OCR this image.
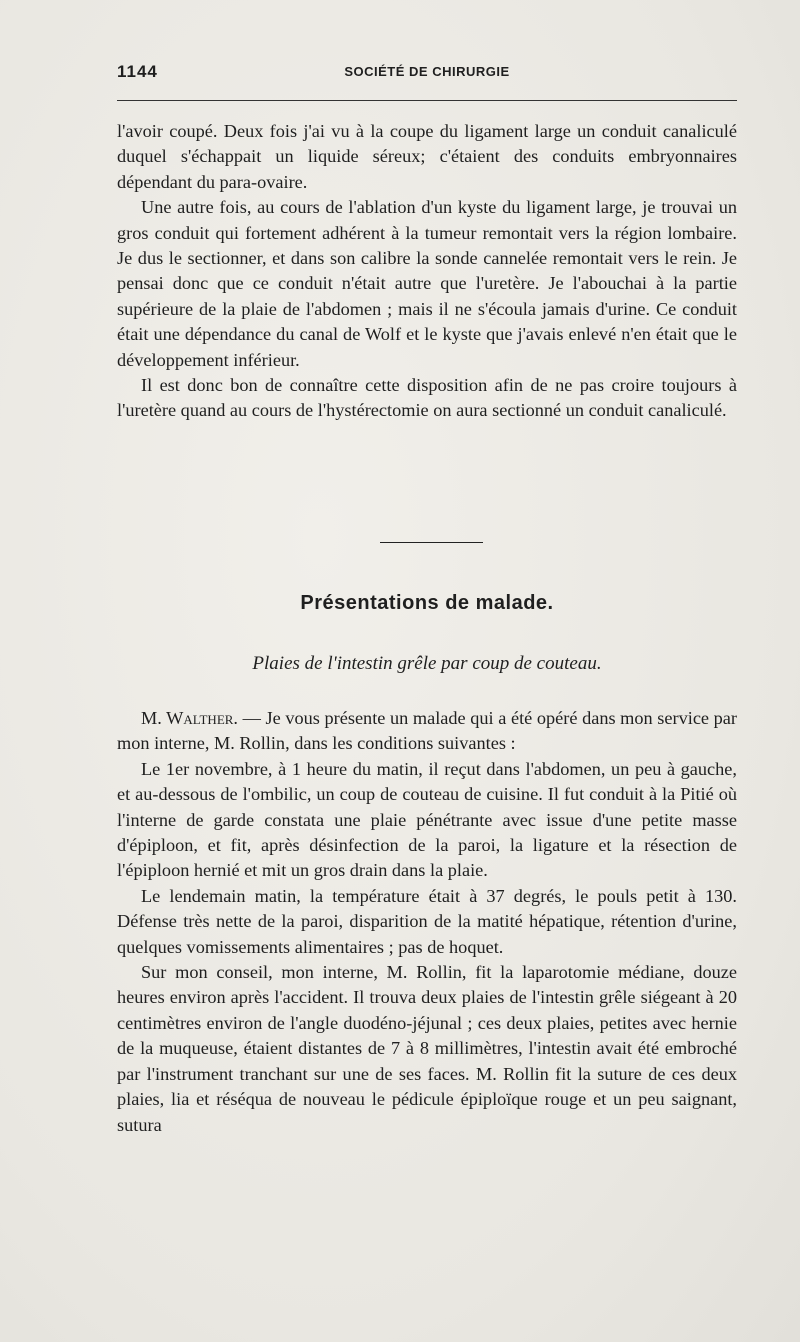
1144	SOCIÉTÉ DE CHIRURGIE

l'avoir coupé. Deux fois j'ai vu à la coupe du ligament large un conduit canaliculé duquel s'échappait un liquide séreux; c'étaient des conduits embryonnaires dépendant du para-ovaire.

Une autre fois, au cours de l'ablation d'un kyste du ligament large, je trouvai un gros conduit qui fortement adhérent à la tumeur remontait vers la région lombaire. Je dus le sectionner, et dans son calibre la sonde cannelée remontait vers le rein. Je pensai donc que ce conduit n'était autre que l'uretère. Je l'abouchai à la partie supérieure de la plaie de l'abdomen ; mais il ne s'écoula jamais d'urine. Ce conduit était une dépendance du canal de Wolf et le kyste que j'avais enlevé n'en était que le développement inférieur.

Il est donc bon de connaître cette disposition afin de ne pas croire toujours à l'uretère quand au cours de l'hystérectomie on aura sectionné un conduit canaliculé.

Présentations de malade.
Plaies de l'intestin grêle par coup de couteau.

M. Walther. — Je vous présente un malade qui a été opéré dans mon service par mon interne, M. Rollin, dans les conditions suivantes :

Le 1er novembre, à 1 heure du matin, il reçut dans l'abdomen, un peu à gauche, et au-dessous de l'ombilic, un coup de couteau de cuisine. Il fut conduit à la Pitié où l'interne de garde constata une plaie pénétrante avec issue d'une petite masse d'épiploon, et fit, après désinfection de la paroi, la ligature et la résection de l'épiploon hernié et mit un gros drain dans la plaie.

Le lendemain matin, la température était à 37 degrés, le pouls petit à 130. Défense très nette de la paroi, disparition de la matité hépatique, rétention d'urine, quelques vomissements alimentaires ; pas de hoquet.

Sur mon conseil, mon interne, M. Rollin, fit la laparotomie médiane, douze heures environ après l'accident. Il trouva deux plaies de l'intestin grêle siégeant à 20 centimètres environ de l'angle duodéno-jéjunal ; ces deux plaies, petites avec hernie de la muqueuse, étaient distantes de 7 à 8 millimètres, l'intestin avait été embroché par l'instrument tranchant sur une de ses faces. M. Rollin fit la suture de ces deux plaies, lia et réséqua de nouveau le pédicule épiploïque rouge et un peu saignant, sutura
